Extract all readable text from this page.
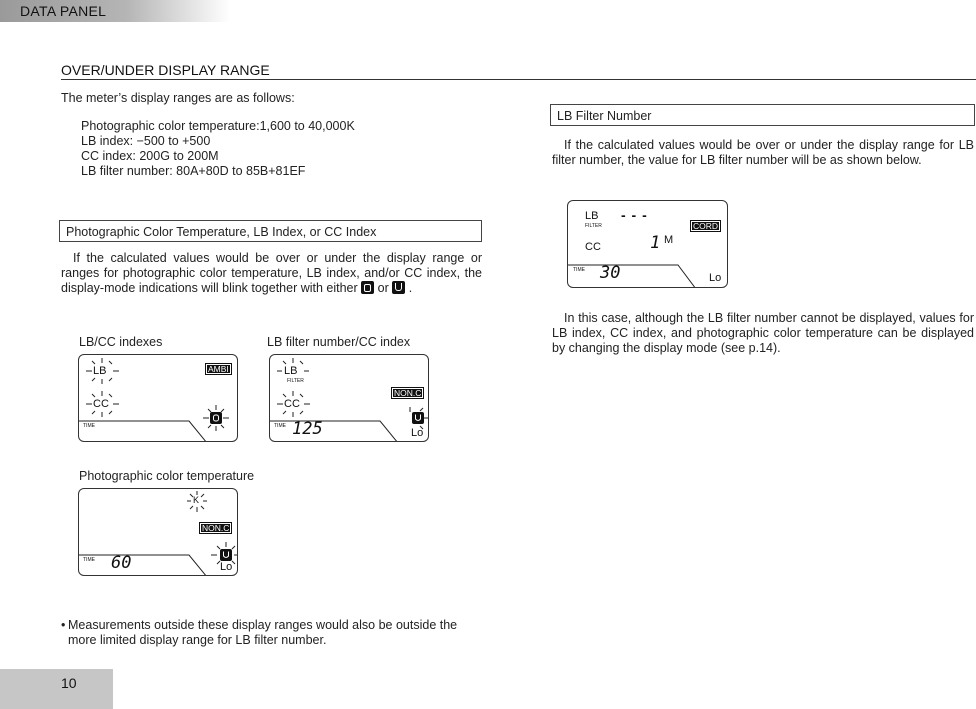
DATA PANEL
OVER/UNDER DISPLAY RANGE
The meter’s display ranges are as follows:
Photographic color temperature:1,600 to 40,000K
LB index: −500 to +500
CC index: 200G to 200M
LB filter number: 80A+80D to 85B+81EF
Photographic Color Temperature, LB Index, or CC Index
If the calculated values would be over or under the display range or ranges for photographic color temperature, LB index, and/or CC index, the display-mode indications will blink together with either or .
LB/CC indexes	LB filter number/CC index
LB
CC
AMBI
TIME
LB
FILTER
CC
NON.C
TIME 125	Lo
Photographic color temperature
K
NON.C
TIME 60	Lo
• Measurements outside these display ranges would also be outside the more limited display range for LB filter number.
LB Filter Number
If the calculated values would be over or under the display range for LB filter number, the value for LB filter number will be as shown below.
LB
FILTER
- - -
CORD
CC	1 M
TIME 30	Lo
In this case, although the LB filter number cannot be displayed, values for LB index, CC index, and photographic color temperature can be displayed by changing the display mode (see p.14).
10
